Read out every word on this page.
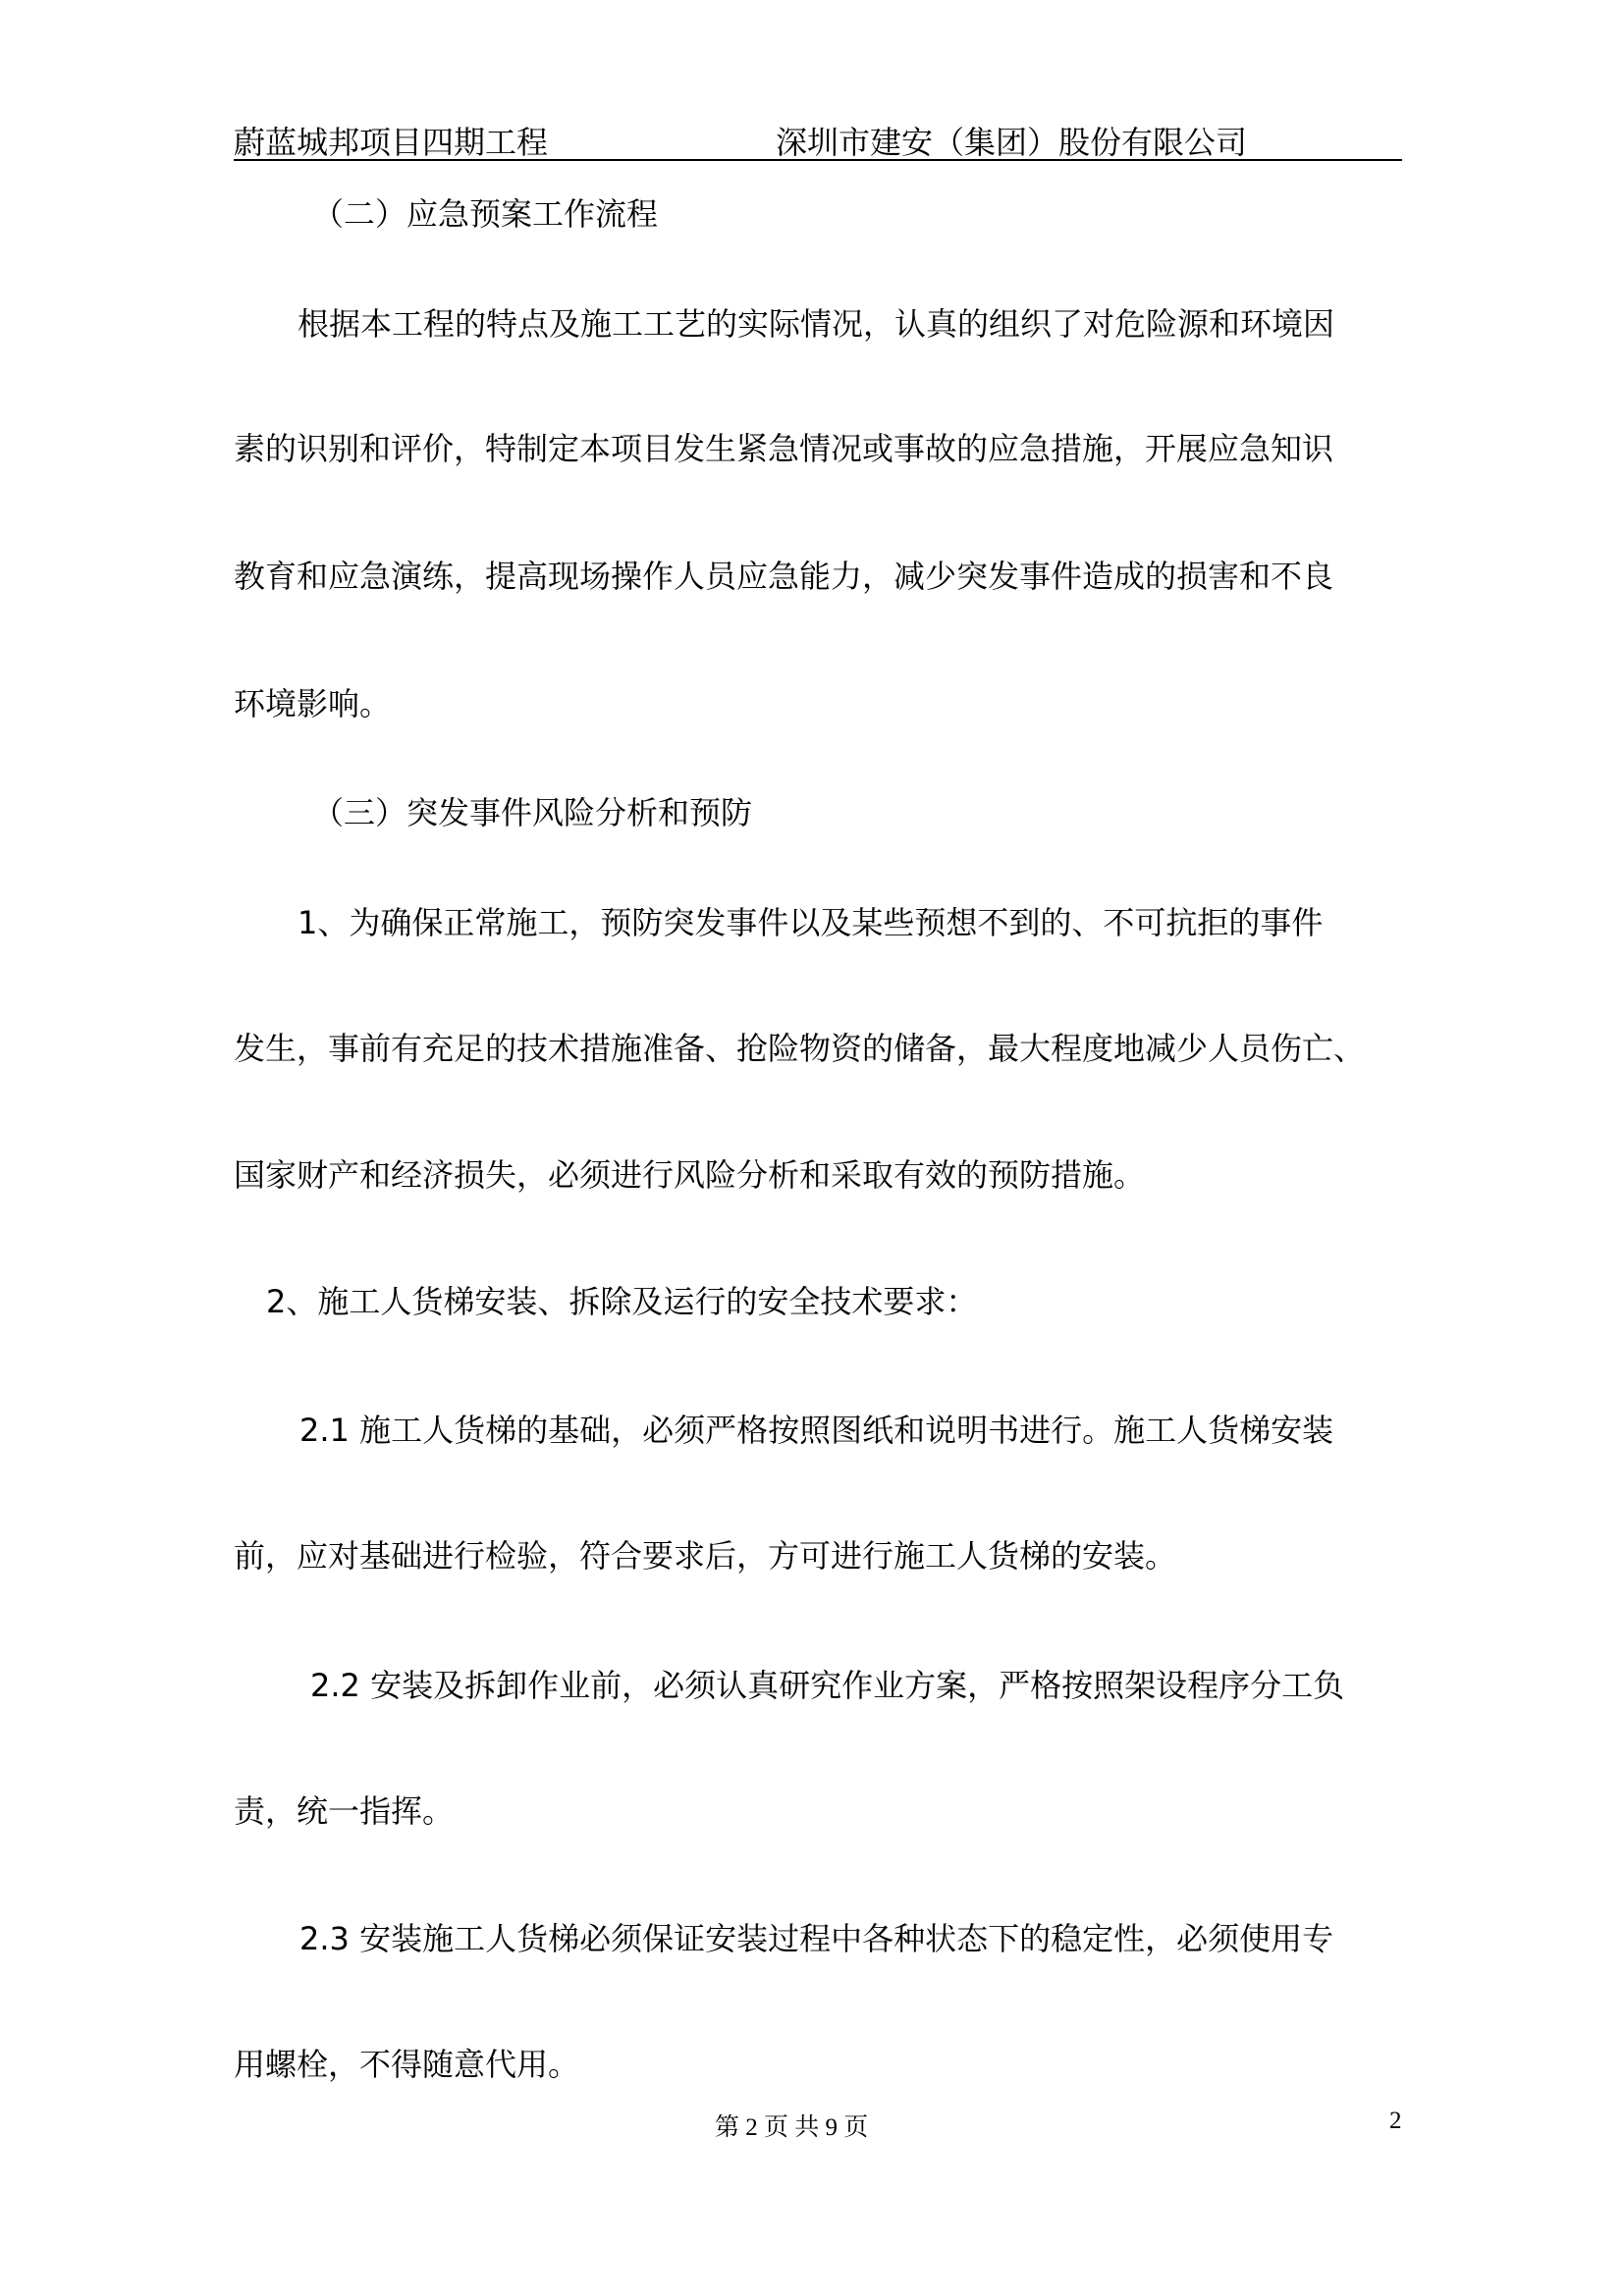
蔚蓝城邦项目四期工程	深圳市建安（集团）股份有限公司
（二）应急预案工作流程
根据本工程的特点及施工工艺的实际情况，认真的组织了对危险源和环境因
素的识别和评价，特制定本项目发生紧急情况或事故的应急措施，开展应急知识
教育和应急演练，提高现场操作人员应急能力，减少突发事件造成的损害和不良
环境影响。
（三）突发事件风险分析和预防
1、为确保正常施工，预防突发事件以及某些预想不到的、不可抗拒的事件
发生，事前有充足的技术措施准备、抢险物资的储备，最大程度地减少人员伤亡、
国家财产和经济损失，必须进行风险分析和采取有效的预防措施。
2、施工人货梯安装、拆除及运行的安全技术要求：
2.1 施工人货梯的基础，必须严格按照图纸和说明书进行。施工人货梯安装
前，应对基础进行检验，符合要求后，方可进行施工人货梯的安装。
2.2 安装及拆卸作业前，必须认真研究作业方案，严格按照架设程序分工负
责，统一指挥。
2.3 安装施工人货梯必须保证安装过程中各种状态下的稳定性，必须使用专
用螺栓，不得随意代用。
第 2 页 共 9 页	2
